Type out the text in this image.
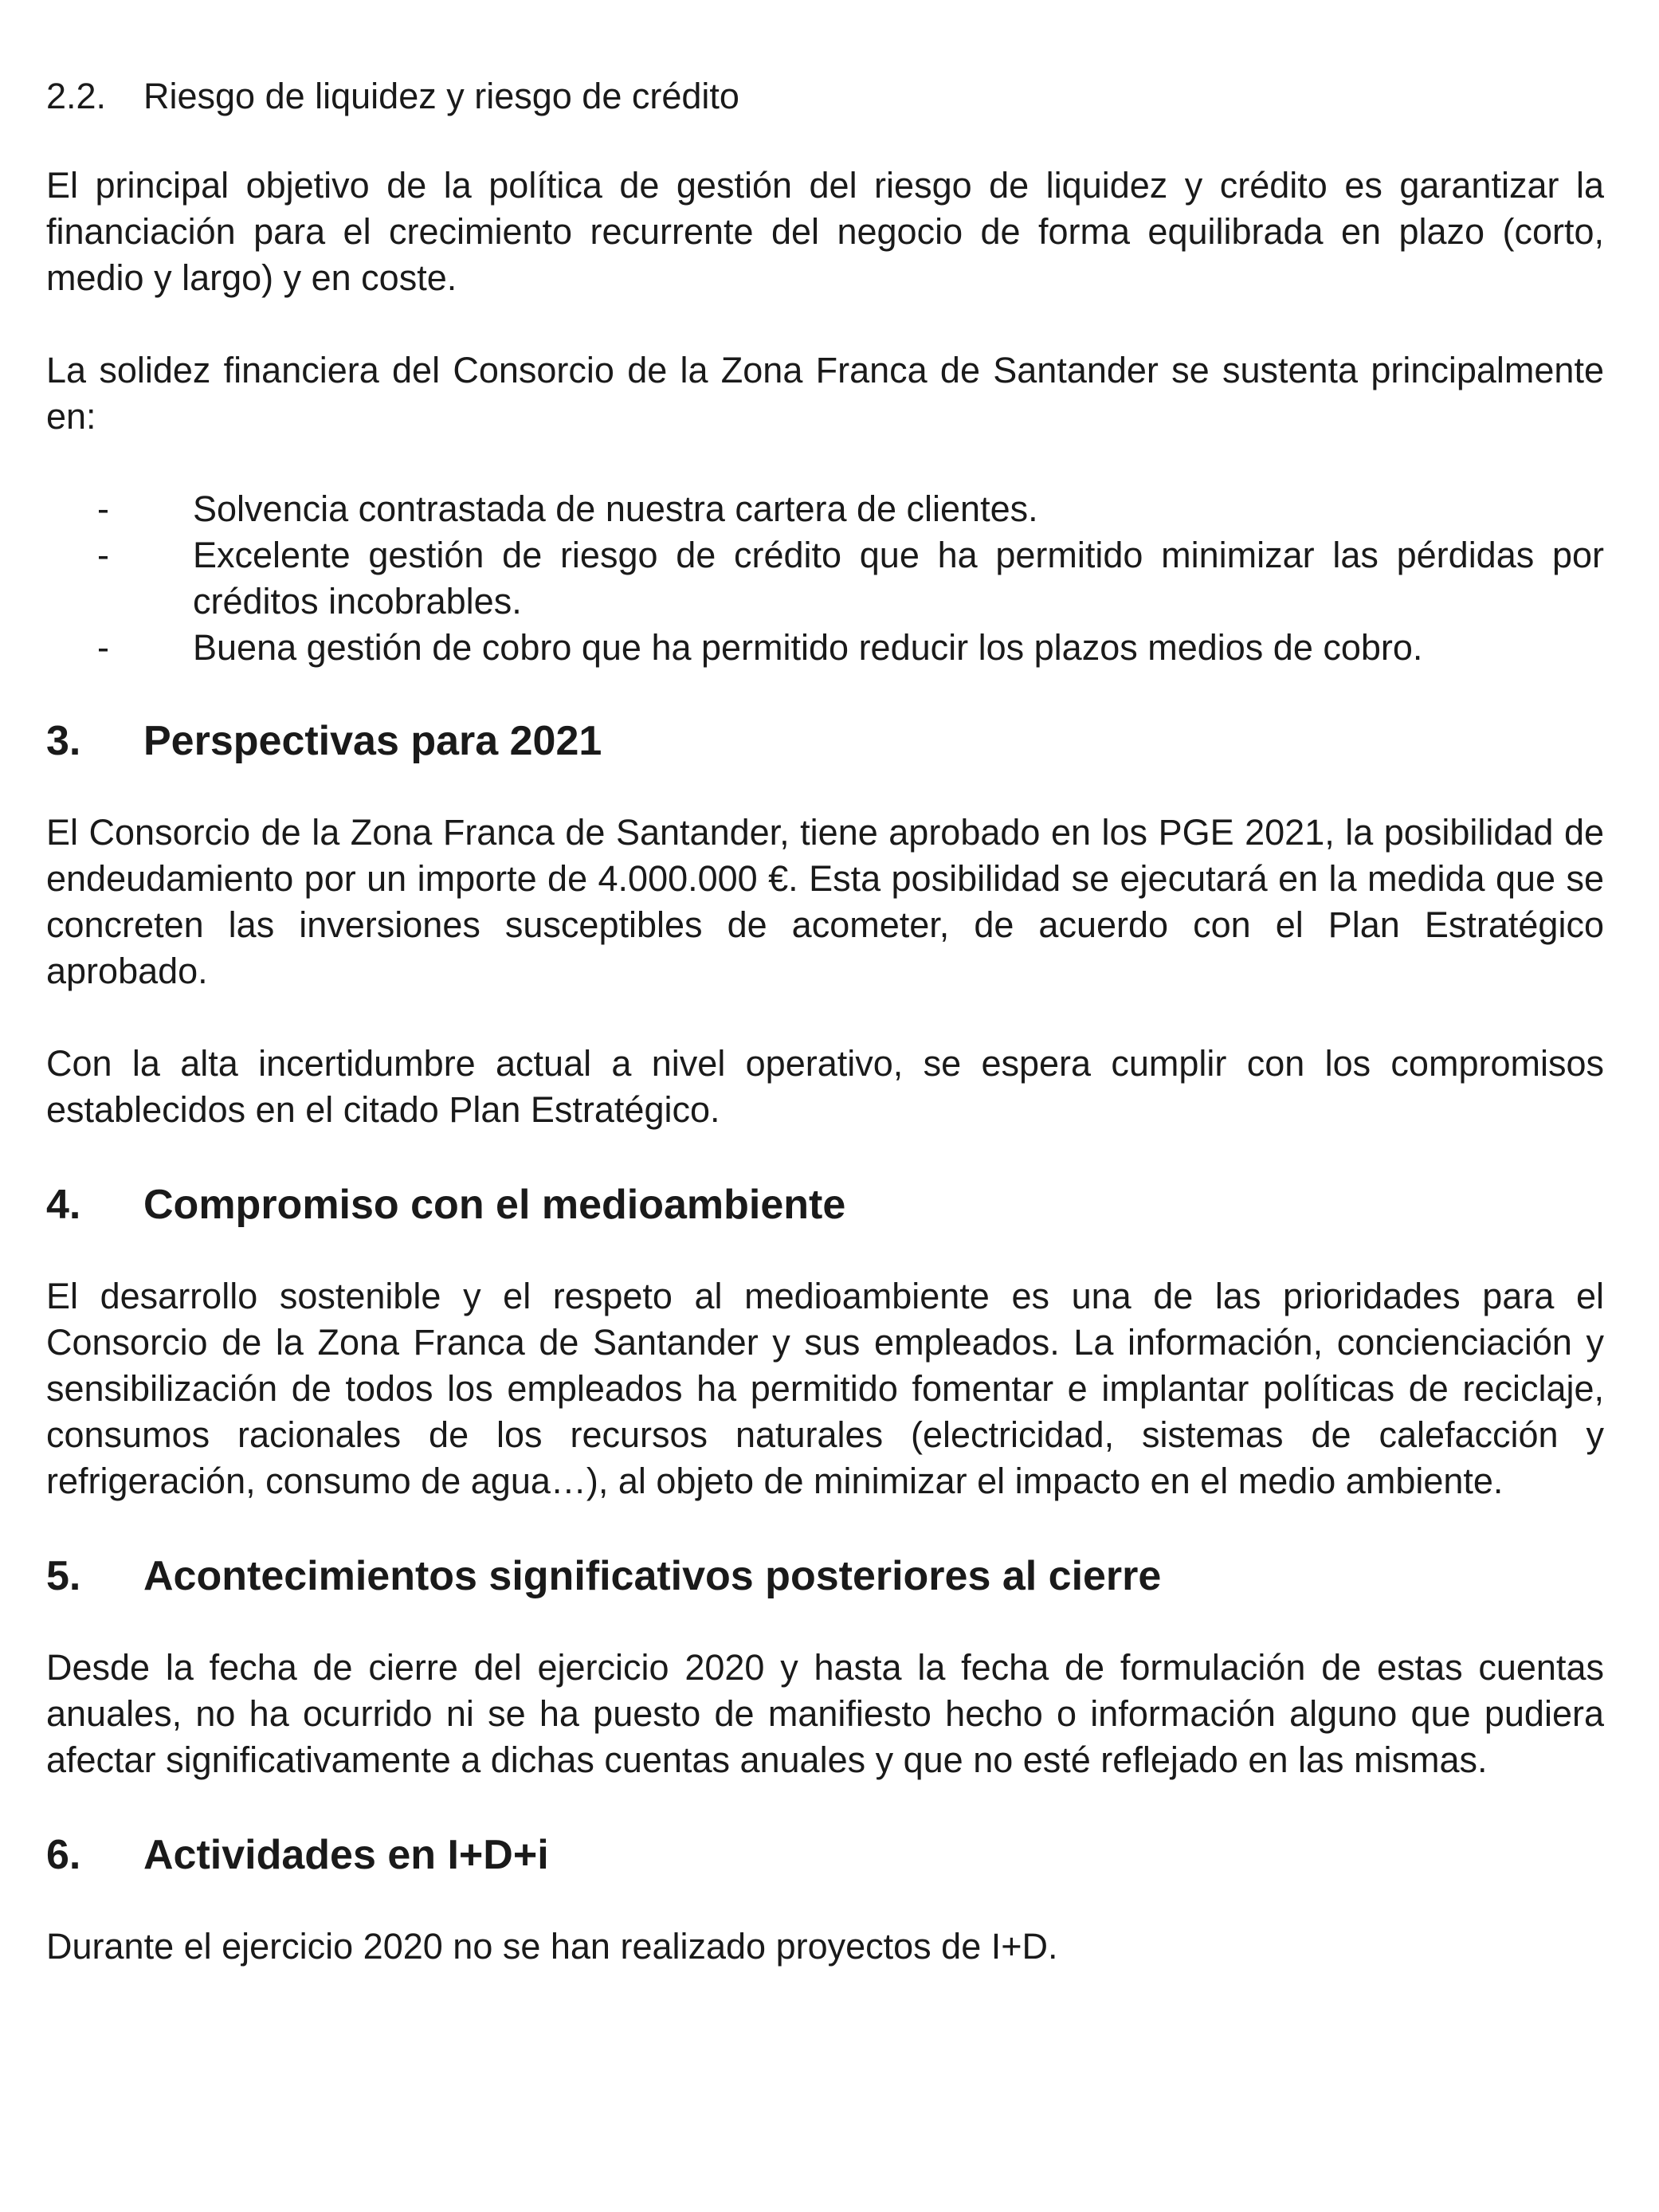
2.2.	Riesgo de liquidez y riesgo de crédito

El principal objetivo de la política de gestión del riesgo de liquidez y crédito es garantizar la financiación para el crecimiento recurrente del negocio de forma equilibrada en plazo (corto, medio y largo) y en coste.

La solidez financiera del Consorcio de la Zona Franca de Santander se sustenta principalmente en:

-	Solvencia contrastada de nuestra cartera de clientes.
-	Excelente gestión de riesgo de crédito que ha permitido minimizar las pérdidas por créditos incobrables.
-	Buena gestión de cobro que ha permitido reducir los plazos medios de cobro.
3.	Perspectivas para 2021

El Consorcio de la Zona Franca de Santander, tiene aprobado en los PGE 2021, la posibilidad de endeudamiento por un importe de 4.000.000 €. Esta posibilidad se ejecutará en la medida que se concreten las inversiones susceptibles de acometer, de acuerdo con el Plan Estratégico aprobado.

Con la alta incertidumbre actual a nivel operativo, se espera cumplir con los compromisos establecidos en el citado Plan Estratégico.

4.	Compromiso con el medioambiente

El desarrollo sostenible y el respeto al medioambiente es una de las prioridades para el Consorcio de la Zona Franca de Santander y sus empleados. La información, concienciación y sensibilización de todos los empleados ha permitido fomentar e implantar políticas de reciclaje, consumos racionales de los recursos naturales (electricidad, sistemas de calefacción y refrigeración, consumo de agua…), al objeto de minimizar el impacto en el medio ambiente.

5.	Acontecimientos significativos posteriores al cierre

Desde la fecha de cierre del ejercicio 2020 y hasta la fecha de formulación de estas cuentas anuales, no ha ocurrido ni se ha puesto de manifiesto hecho o información alguno que pudiera afectar significativamente a dichas cuentas anuales y que no esté reflejado en las mismas.

6.	Actividades en I+D+i

Durante el ejercicio 2020 no se han realizado proyectos de I+D.
